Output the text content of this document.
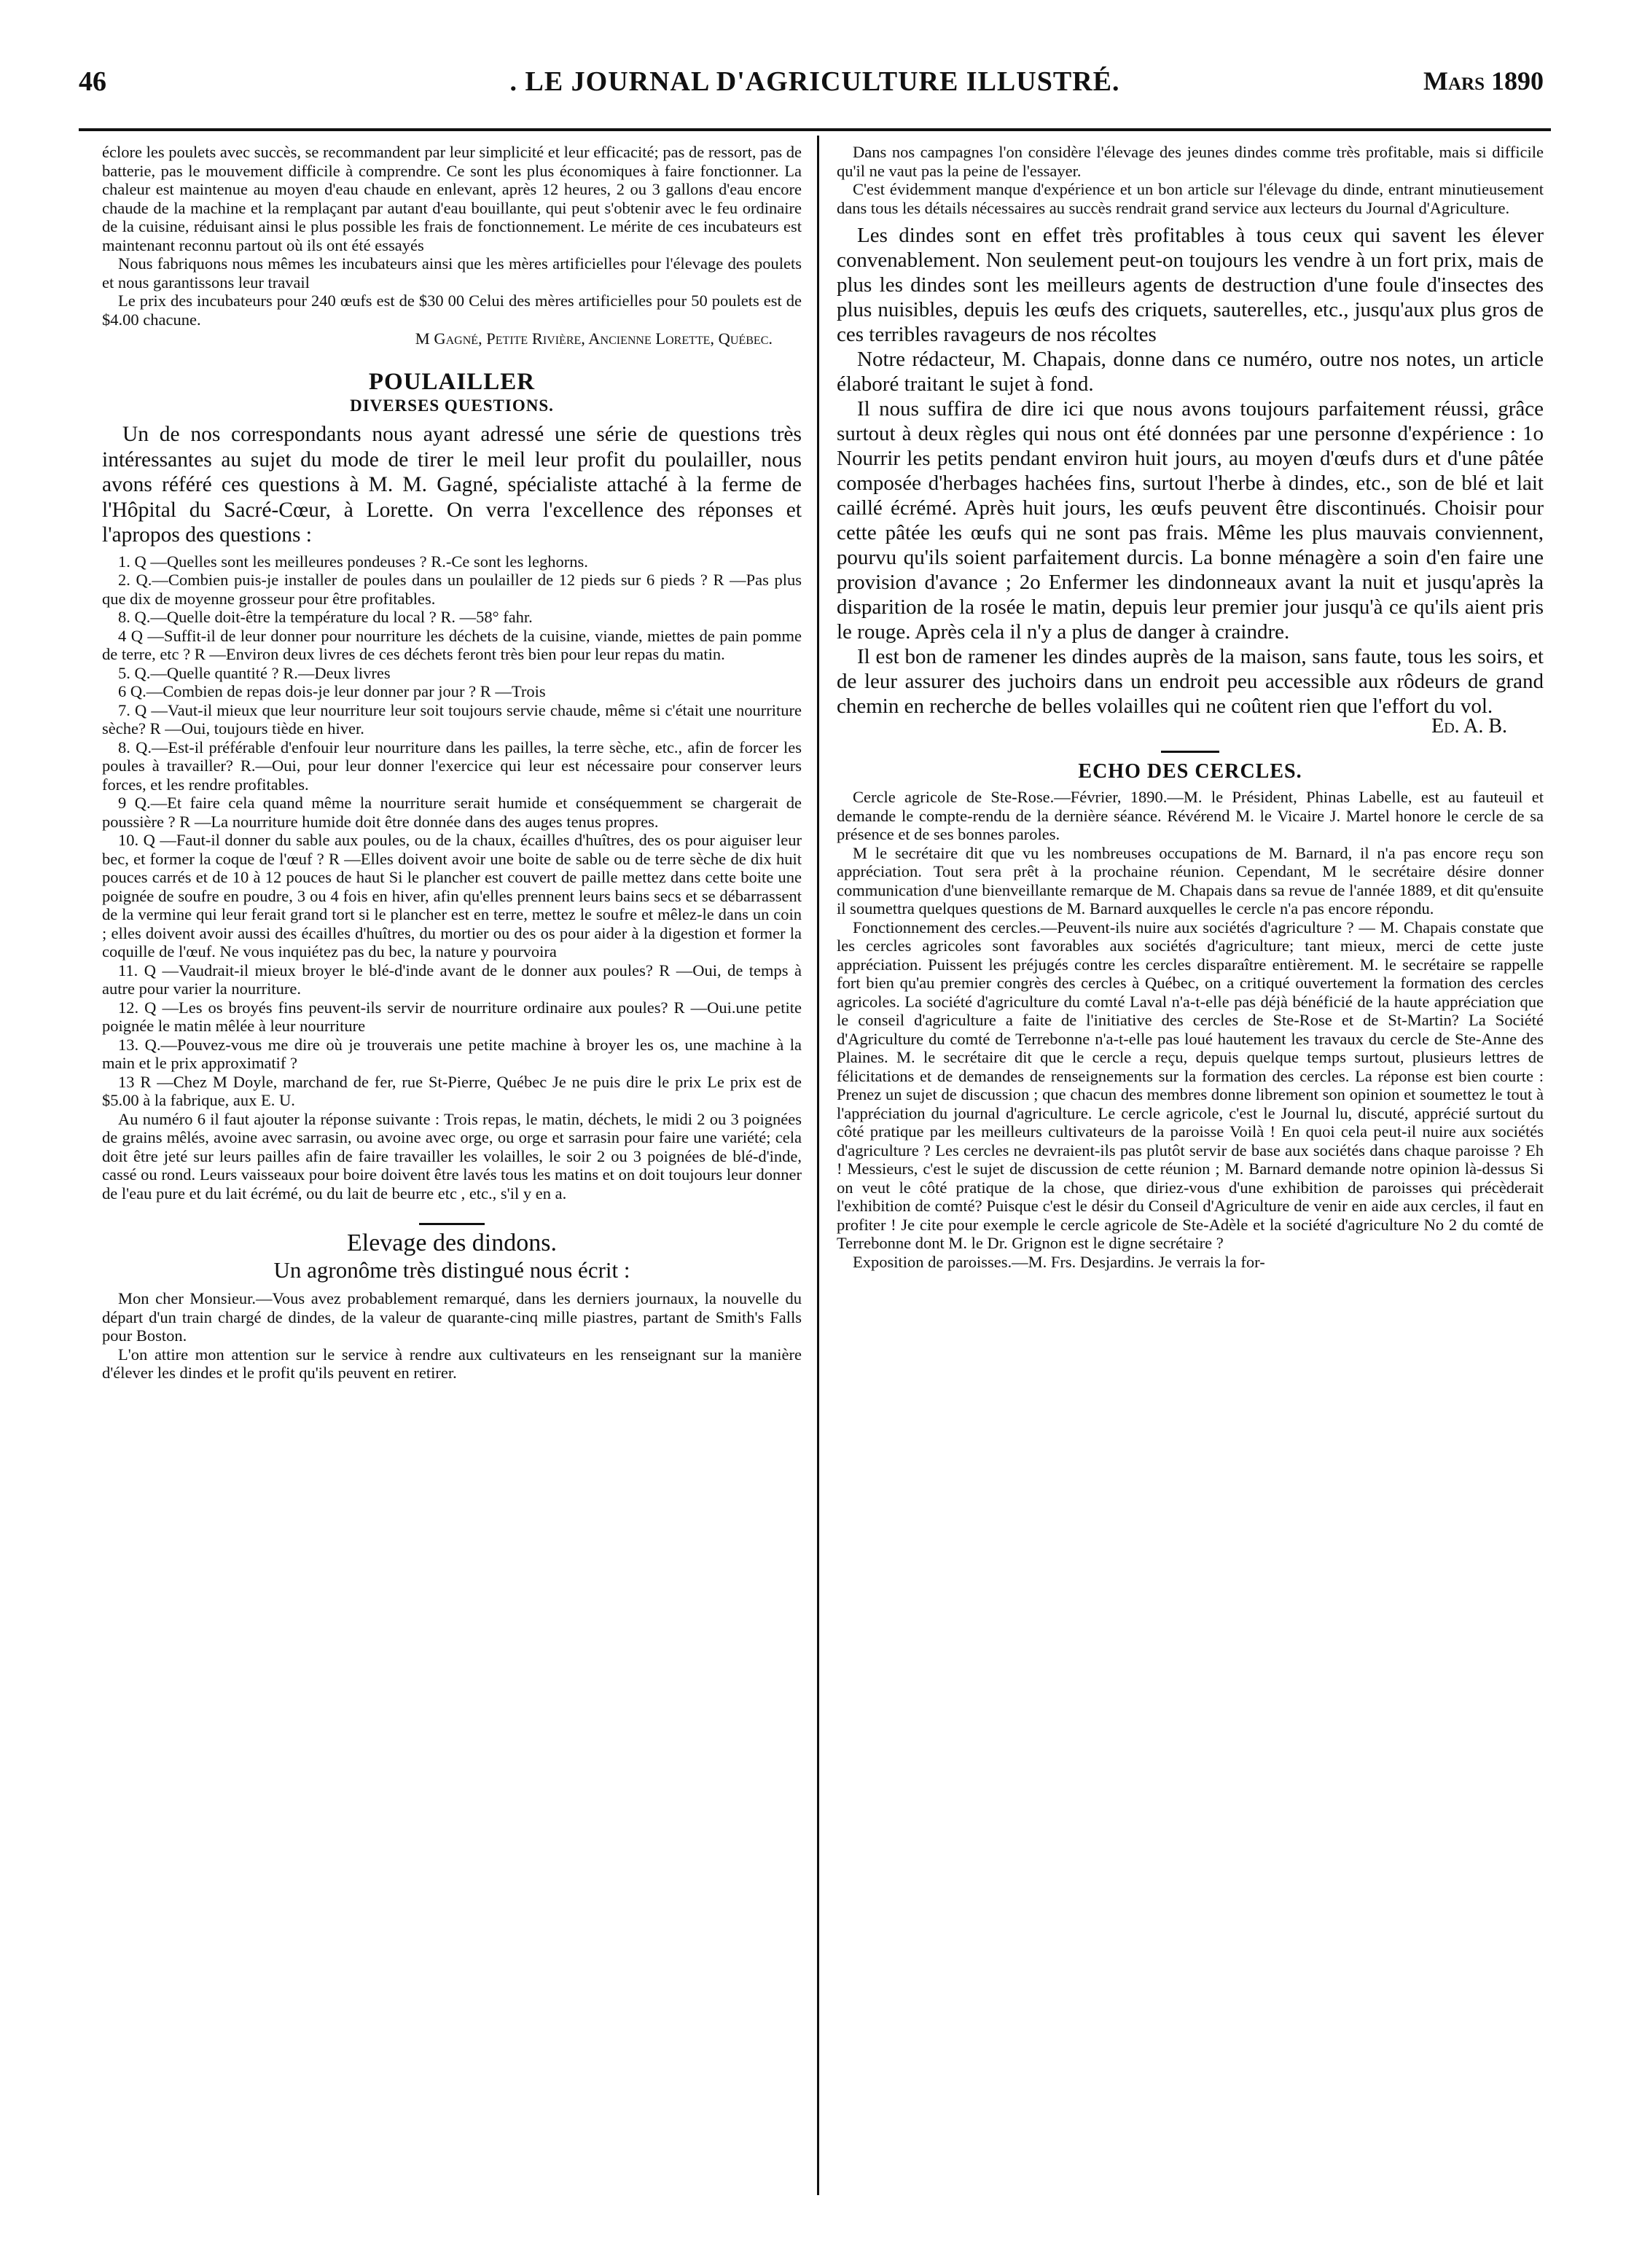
46	. LE JOURNAL D'AGRICULTURE ILLUSTRÉ.	Mars 1890

éclore les poulets avec succès, se recommandent par leur simplicité et leur efficacité; pas de ressort, pas de batterie, pas le mouvement difficile à comprendre. Ce sont les plus économiques à faire fonctionner. La chaleur est maintenue au moyen d'eau chaude en enlevant, après 12 heures, 2 ou 3 gallons d'eau encore chaude de la machine et la remplaçant par autant d'eau bouillante, qui peut s'obtenir avec le feu ordinaire de la cuisine, réduisant ainsi le plus possible les frais de fonctionnement. Le mérite de ces incubateurs est maintenant reconnu partout où ils ont été essayés

Nous fabriquons nous mêmes les incubateurs ainsi que les mères artificielles pour l'élevage des poulets et nous garantissons leur travail

Le prix des incubateurs pour 240 œufs est de $30 00 Celui des mères artificielles pour 50 poulets est de $4.00 chacune.

M Gagné, Petite Rivière, Ancienne Lorette, Québec.
POULAILLER
DIVERSES QUESTIONS.

Un de nos correspondants nous ayant adressé une série de questions très intéressantes au sujet du mode de tirer le meil leur profit du poulailler, nous avons référé ces questions à M. M. Gagné, spécialiste attaché à la ferme de l'Hôpital du Sacré-Cœur, à Lorette. On verra l'excellence des réponses et l'apropos des questions :

1. Q —Quelles sont les meilleures pondeuses ? R.-Ce sont les leghorns.

2. Q.—Combien puis-je installer de poules dans un poulailler de 12 pieds sur 6 pieds ? R —Pas plus que dix de moyenne grosseur pour être profitables.

8. Q.—Quelle doit-être la température du local ? R. —58° fahr.

4 Q —Suffit-il de leur donner pour nourriture les déchets de la cuisine, viande, miettes de pain pomme de terre, etc ? R —Environ deux livres de ces déchets feront très bien pour leur repas du matin.

5. Q.—Quelle quantité ? R.—Deux livres

6 Q.—Combien de repas dois-je leur donner par jour ? R —Trois

7. Q —Vaut-il mieux que leur nourriture leur soit toujours servie chaude, même si c'était une nourriture sèche? R —Oui, toujours tiède en hiver.

8. Q.—Est-il préférable d'enfouir leur nourriture dans les pailles, la terre sèche, etc., afin de forcer les poules à travailler? R.—Oui, pour leur donner l'exercice qui leur est nécessaire pour conserver leurs forces, et les rendre profitables.

9 Q.—Et faire cela quand même la nourriture serait humide et conséquemment se chargerait de poussière ? R —La nourriture humide doit être donnée dans des auges tenus propres.

10. Q —Faut-il donner du sable aux poules, ou de la chaux, écailles d'huîtres, des os pour aiguiser leur bec, et former la coque de l'œuf ? R —Elles doivent avoir une boite de sable ou de terre sèche de dix huit pouces carrés et de 10 à 12 pouces de haut Si le plancher est couvert de paille mettez dans cette boite une poignée de soufre en poudre, 3 ou 4 fois en hiver, afin qu'elles prennent leurs bains secs et se débarrassent de la vermine qui leur ferait grand tort si le plancher est en terre, mettez le soufre et mêlez-le dans un coin ; elles doivent avoir aussi des écailles d'huîtres, du mortier ou des os pour aider à la digestion et former la coquille de l'œuf. Ne vous inquiétez pas du bec, la nature y pourvoira

11. Q —Vaudrait-il mieux broyer le blé-d'inde avant de le donner aux poules? R —Oui, de temps à autre pour varier la nourriture.

12. Q —Les os broyés fins peuvent-ils servir de nourriture ordinaire aux poules? R —Oui.une petite poignée le matin mêlée à leur nourriture

13. Q.—Pouvez-vous me dire où je trouverais une petite machine à broyer les os, une machine à la main et le prix approximatif ?

13 R —Chez M Doyle, marchand de fer, rue St-Pierre, Québec Je ne puis dire le prix Le prix est de $5.00 à la fabrique, aux E. U.

Au numéro 6 il faut ajouter la réponse suivante : Trois repas, le matin, déchets, le midi 2 ou 3 poignées de grains mêlés, avoine avec sarrasin, ou avoine avec orge, ou orge et sarrasin pour faire une variété; cela doit être jeté sur leurs pailles afin de faire travailler les volailles, le soir 2 ou 3 poignées de blé-d'inde, cassé ou rond. Leurs vaisseaux pour boire doivent être lavés tous les matins et on doit toujours leur donner de l'eau pure et du lait écrémé, ou du lait de beurre etc , etc., s'il y en a.

Elevage des dindons.
Un agronôme très distingué nous écrit :

Mon cher Monsieur.—Vous avez probablement remarqué, dans les derniers journaux, la nouvelle du départ d'un train chargé de dindes, de la valeur de quarante-cinq mille piastres, partant de Smith's Falls pour Boston.

L'on attire mon attention sur le service à rendre aux cultivateurs en les renseignant sur la manière d'élever les dindes et le profit qu'ils peuvent en retirer.

Dans nos campagnes l'on considère l'élevage des jeunes dindes comme très profitable, mais si difficile qu'il ne vaut pas la peine de l'essayer.

C'est évidemment manque d'expérience et un bon article sur l'élevage du dinde, entrant minutieusement dans tous les détails nécessaires au succès rendrait grand service aux lecteurs du Journal d'Agriculture.

Les dindes sont en effet très profitables à tous ceux qui savent les élever convenablement. Non seulement peut-on toujours les vendre à un fort prix, mais de plus les dindes sont les meilleurs agents de destruction d'une foule d'insectes des plus nuisibles, depuis les œufs des criquets, sauterelles, etc., jusqu'aux plus gros de ces terribles ravageurs de nos récoltes

Notre rédacteur, M. Chapais, donne dans ce numéro, outre nos notes, un article élaboré traitant le sujet à fond.

Il nous suffira de dire ici que nous avons toujours parfaitement réussi, grâce surtout à deux règles qui nous ont été données par une personne d'expérience : 1o Nourrir les petits pendant environ huit jours, au moyen d'œufs durs et d'une pâtée composée d'herbages hachées fins, surtout l'herbe à dindes, etc., son de blé et lait caillé écrémé. Après huit jours, les œufs peuvent être discontinués. Choisir pour cette pâtée les œufs qui ne sont pas frais. Même les plus mauvais conviennent, pourvu qu'ils soient parfaitement durcis. La bonne ménagère a soin d'en faire une provision d'avance ; 2o Enfermer les dindonneaux avant la nuit et jusqu'après la disparition de la rosée le matin, depuis leur premier jour jusqu'à ce qu'ils aient pris le rouge. Après cela il n'y a plus de danger à craindre.

Il est bon de ramener les dindes auprès de la maison, sans faute, tous les soirs, et de leur assurer des juchoirs dans un endroit peu accessible aux rôdeurs de grand chemin en recherche de belles volailles qui ne coûtent rien que l'effort du vol.

Ed. A. B.
ECHO DES CERCLES.

Cercle agricole de Ste-Rose.—Février, 1890.—M. le Président, Phinas Labelle, est au fauteuil et demande le compte-rendu de la dernière séance. Révérend M. le Vicaire J. Martel honore le cercle de sa présence et de ses bonnes paroles.

M le secrétaire dit que vu les nombreuses occupations de M. Barnard, il n'a pas encore reçu son appréciation. Tout sera prêt à la prochaine réunion. Cependant, M le secrétaire désire donner communication d'une bienveillante remarque de M. Chapais dans sa revue de l'année 1889, et dit qu'ensuite il soumettra quelques questions de M. Barnard auxquelles le cercle n'a pas encore répondu.

Fonctionnement des cercles.—Peuvent-ils nuire aux sociétés d'agriculture ? — M. Chapais constate que les cercles agricoles sont favorables aux sociétés d'agriculture; tant mieux, merci de cette juste appréciation. Puissent les préjugés contre les cercles disparaître entièrement. M. le secrétaire se rappelle fort bien qu'au premier congrès des cercles à Québec, on a critiqué ouvertement la formation des cercles agricoles. La société d'agriculture du comté Laval n'a-t-elle pas déjà bénéficié de la haute appréciation que le conseil d'agriculture a faite de l'initiative des cercles de Ste-Rose et de St-Martin? La Société d'Agriculture du comté de Terrebonne n'a-t-elle pas loué hautement les travaux du cercle de Ste-Anne des Plaines. M. le secrétaire dit que le cercle a reçu, depuis quelque temps surtout, plusieurs lettres de félicitations et de demandes de renseignements sur la formation des cercles. La réponse est bien courte : Prenez un sujet de discussion ; que chacun des membres donne librement son opinion et soumettez le tout à l'appréciation du journal d'agriculture. Le cercle agricole, c'est le Journal lu, discuté, apprécié surtout du côté pratique par les meilleurs cultivateurs de la paroisse Voilà ! En quoi cela peut-il nuire aux sociétés d'agriculture ? Les cercles ne devraient-ils pas plutôt servir de base aux sociétés dans chaque paroisse ? Eh ! Messieurs, c'est le sujet de discussion de cette réunion ; M. Barnard demande notre opinion là-dessus Si on veut le côté pratique de la chose, que diriez-vous d'une exhibition de paroisses qui précèderait l'exhibition de comté? Puisque c'est le désir du Conseil d'Agriculture de venir en aide aux cercles, il faut en profiter ! Je cite pour exemple le cercle agricole de Ste-Adèle et la société d'agriculture No 2 du comté de Terrebonne dont M. le Dr. Grignon est le digne secrétaire ?

Exposition de paroisses.—M. Frs. Desjardins. Je verrais la for-
